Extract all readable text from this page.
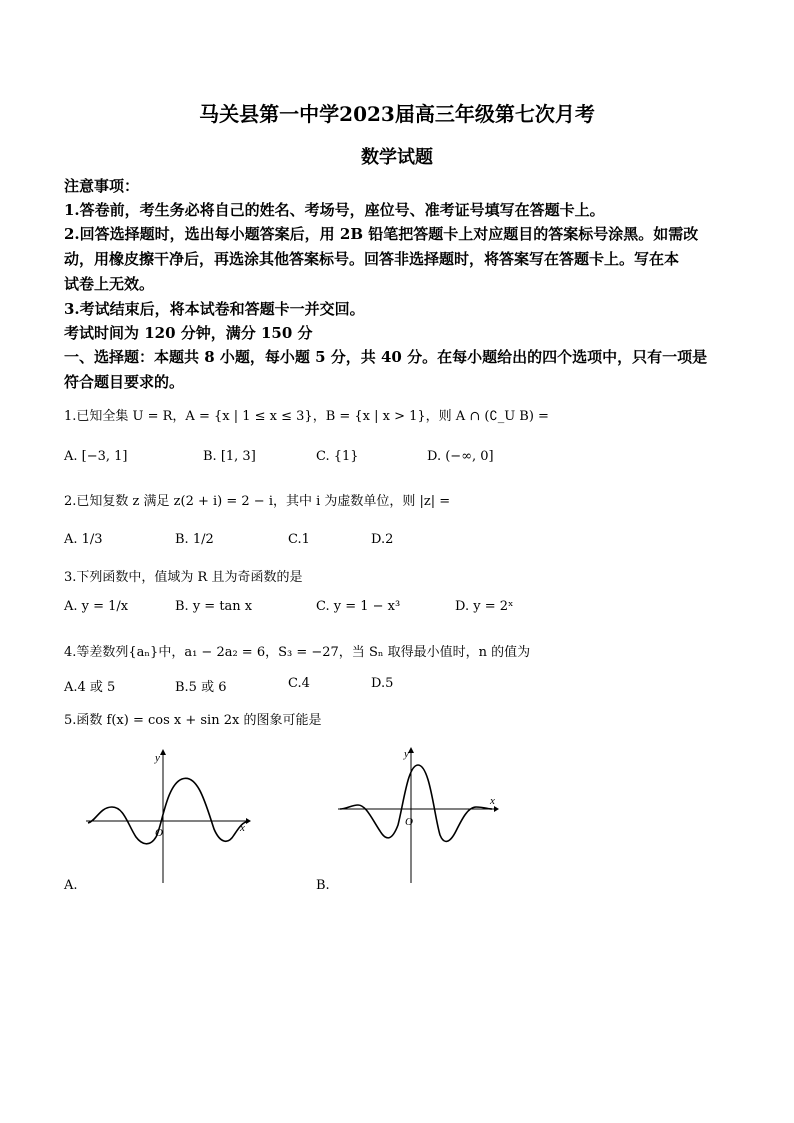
马关县第一中学2023届高三年级第七次月考
数学试题
注意事项：
1.答卷前，考生务必将自己的姓名、考场号，座位号、准考证号填写在答题卡上。
2.回答选择题时，选出每小题答案后，用 2B 铅笔把答题卡上对应题目的答案标号涂黑。如需改
动，用橡皮擦干净后，再选涂其他答案标号。回答非选择题时，将答案写在答题卡上。写在本
试卷上无效。
3.考试结束后，将本试卷和答题卡一并交回。
考试时间为 120 分钟，满分 150 分
一、选择题：本题共 8 小题，每小题 5 分，共 40 分。在每小题给出的四个选项中，只有一项是
符合题目要求的。
1.已知全集 U = R，A = {x | 1 ≤ x ≤ 3}，B = {x | x > 1}，则 A ∩ (∁_U B) =
A. [−3, 1]	B. [1, 3]	C. {1}	D. (−∞, 0]
2.已知复数 z 满足 z(2 + i) = 2 − i，其中 i 为虚数单位，则 |z| =
A. 1/3	B. 1/2	C.1	D.2
3.下列函数中，值域为 R 且为奇函数的是
A. y = 1/x	B. y = tan x	C. y = 1 − x³	D. y = 2ˣ
4.等差数列{aₙ}中，a₁ − 2a₂ = 6，S₃ = −27，当 Sₙ 取得最小值时，n 的值为
A.4 或 5	B.5 或 6	C.4	D.5
5.函数 f(x) = cos x + sin 2x 的图象可能是
O	x
y
A.
O
x
y
B.
